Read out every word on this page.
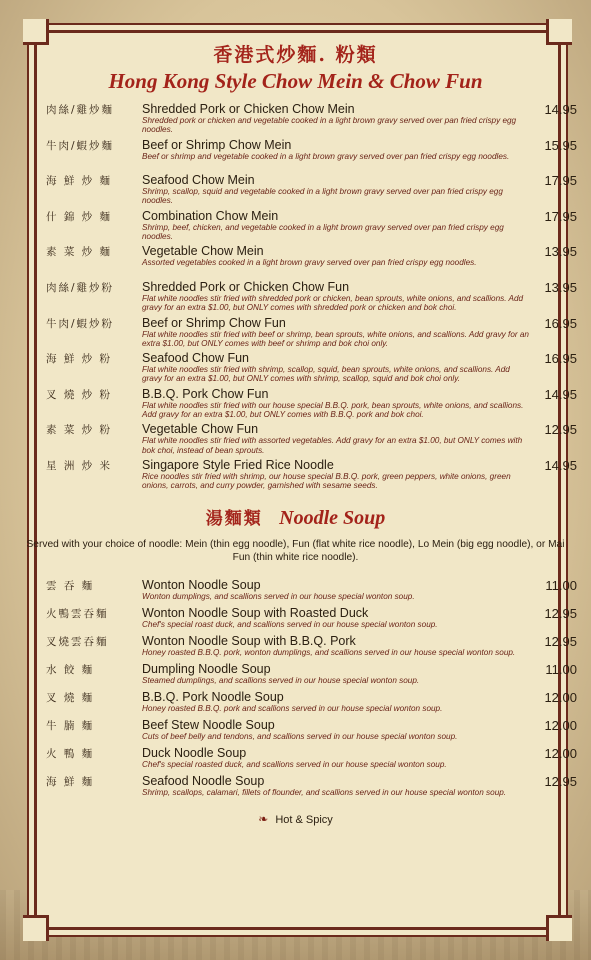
香港式炒麵. 粉類
Hong Kong Style Chow Mein & Chow Fun
肉絲/雞炒麵	Shredded Pork or Chicken Chow Mein
Shredded pork or chicken and vegetable cooked in a light brown gravy served over pan fried crispy egg noodles.
14.95
牛肉/蝦炒麵	Beef or Shrimp Chow Mein
Beef or shrimp and vegetable cooked in a light brown gravy served over pan fried crispy egg noodles.
15.95
海 鮮 炒 麵	Seafood Chow Mein
Shrimp, scallop, squid and vegetable cooked in a light brown gravy served over pan fried crispy egg noodles.
17.95
什 錦 炒 麵	Combination Chow Mein
Shrimp, beef, chicken, and vegetable cooked in a light brown gravy served over pan fried crispy egg noodles.
17.95
素 菜 炒 麵	Vegetable Chow Mein
Assorted vegetables cooked in a light brown gravy served over pan fried crispy egg noodles.
13.95
肉絲/雞炒粉	Shredded Pork or Chicken Chow Fun
Flat white noodles stir fried with shredded pork or chicken, bean sprouts, white onions, and scallions. Add gravy for an extra $1.00, but ONLY comes with shredded pork or chicken and bok choi.
13.95
牛肉/蝦炒粉	Beef or Shrimp Chow Fun
Flat white noodles stir fried with beef or shrimp, bean sprouts, white onions, and scallions. Add gravy for an extra $1.00, but ONLY comes with beef or shrimp and bok choi only.
16.95
海 鮮 炒 粉	Seafood Chow Fun
Flat white noodles stir fried with shrimp, scallop, squid, bean sprouts, white onions, and scallions. Add gravy for an extra $1.00, but ONLY comes with shrimp, scallop, squid and bok choi only.
16.95
叉 燒 炒 粉	B.B.Q. Pork Chow Fun
Flat white noodles stir fried with our house special B.B.Q. pork, bean sprouts, white onions, and scallions. Add gravy for an extra $1.00, but ONLY comes with B.B.Q. pork and bok choi.
14.95
素 菜 炒 粉	Vegetable Chow Fun
Flat white noodles stir fried with assorted vegetables. Add gravy for an extra $1.00, but ONLY comes with bok choi, instead of bean sprouts.
12.95
星 洲 炒 米	Singapore Style Fried Rice Noodle
Rice noodles stir fried with shrimp, our house special B.B.Q. pork, green peppers, white onions, green onions, carrots, and curry powder, garnished with sesame seeds.
14.95
湯麵類 Noodle Soup
Served with your choice of noodle: Mein (thin egg noodle), Fun (flat white rice noodle), Lo Mein (big egg noodle), or Mai Fun (thin white rice noodle).
雲 吞 麵	Wonton Noodle Soup
Wonton dumplings, and scallions served in our house special wonton soup.
11.00
火鴨雲吞麵	Wonton Noodle Soup with Roasted Duck
Chef's special roast duck, and scallions served in our house special wonton soup.
12.95
叉燒雲吞麵	Wonton Noodle Soup with B.B.Q. Pork
Honey roasted B.B.Q. pork, wonton dumplings, and scallions served in our house special wonton soup.
12.95
水 餃 麵	Dumpling Noodle Soup
Steamed dumplings, and scallions served in our house special wonton soup.
11.00
叉 燒 麵	B.B.Q. Pork Noodle Soup
Honey roasted B.B.Q. pork and scallions served in our house special wonton soup.
12.00
牛 腩 麵	Beef Stew Noodle Soup
Cuts of beef belly and tendons, and scallions served in our house special wonton soup.
12.00
火 鴨 麵	Duck Noodle Soup
Chef's special roasted duck, and scallions served in our house special wonton soup.
12.00
海 鮮 麵	Seafood Noodle Soup
Shrimp, scallops, calamari, fillets of flounder, and scallions served in our house special wonton soup.
12.95
❧ Hot & Spicy
